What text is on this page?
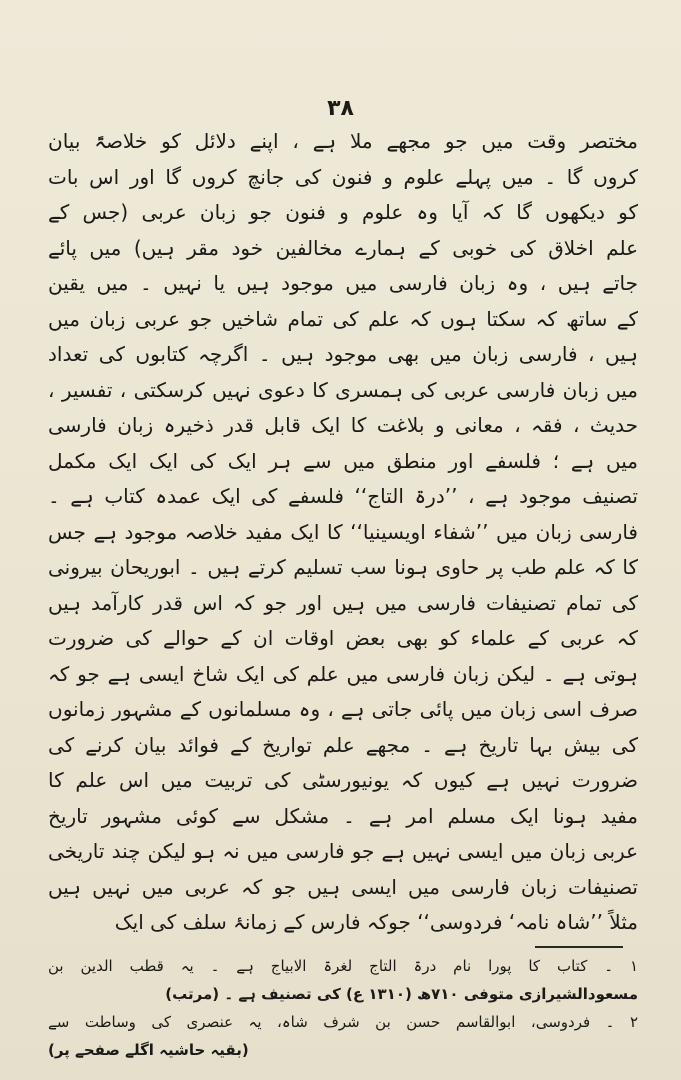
۳۸
مختصر وقت میں جو مجھے ملا ہے ، اپنے دلائل کو خلاصۃً بیان
کروں گا ۔ میں پہلے علوم و فنون کی جانچ کروں گا اور اس بات
کو دیکھوں گا کہ آیا وہ علوم و فنون جو زبان عربی (جس کے
علم اخلاق کی خوبی کے ہمارے مخالفین خود مقر ہیں) میں پائے
جاتے ہیں ، وہ زبان فارسی میں موجود ہیں یا نہیں ۔ میں یقین
کے ساتھ کہ سکتا ہوں کہ علم کی تمام شاخیں جو عربی زبان میں
ہیں ، فارسی زبان میں بھی موجود ہیں ۔ اگرچہ کتابوں کی تعداد
میں زبان فارسی عربی کی ہمسری کا دعوی نہیں کرسکتی ، تفسیر ،
حدیث ، فقہ ، معانی و بلاغت کا ایک قابل قدر ذخیرہ زبان فارسی
میں ہے ؛ فلسفے اور منطق میں سے ہر ایک کی ایک ایک مکمل
تصنیف موجود ہے ، ’’درۃ التاج‘‘ فلسفے کی ایک عمدہ کتاب ہے ۔
فارسی زبان میں ’’شفاء اویسینیا‘‘ کا ایک مفید خلاصہ موجود ہے جس
کا کہ علم طب پر حاوی ہونا سب تسلیم کرتے ہیں ۔ ابوریحان بیرونی
کی تمام تصنیفات فارسی میں ہیں اور جو کہ اس قدر کارآمد ہیں
کہ عربی کے علماء کو بھی بعض اوقات ان کے حوالے کی ضرورت
ہوتی ہے ۔ لیکن زبان فارسی میں علم کی ایک شاخ ایسی ہے جو کہ
صرف اسی زبان میں پائی جاتی ہے ، وہ مسلمانوں کے مشہور زمانوں
کی بیش بہا تاریخ ہے ۔ مجھے علم تواریخ کے فوائد بیان کرنے کی
ضرورت نہیں ہے کیوں کہ یونیورسٹی کی تربیت میں اس علم کا
مفید ہونا ایک مسلم امر ہے ۔ مشکل سے کوئی مشہور تاریخ
عربی زبان میں ایسی نہیں ہے جو فارسی میں نہ ہو لیکن چند تاریخی
تصنیفات زبان فارسی میں ایسی ہیں جو کہ عربی میں نہیں ہیں
مثلاً ’’شاہ نامہ‘ فردوسی‘‘ جوکہ فارس کے زمانۂ سلف کی ایک
۱ ۔ کتاب کا پورا نام درۃ التاج لغرۃ الابیاج ہے ۔ یہ قطب الدین بن
مسعودالشیرازی متوفی ۷۱۰ھ (۱۳۱۰ ع) کی تصنیف ہے ۔ (مرتب)
۲ ۔ فردوسی، ابوالقاسم حسن بن شرف شاہ، یہ عنصری کی وساطت سے
(بقیہ حاشیہ اگلے صفحے پر)
